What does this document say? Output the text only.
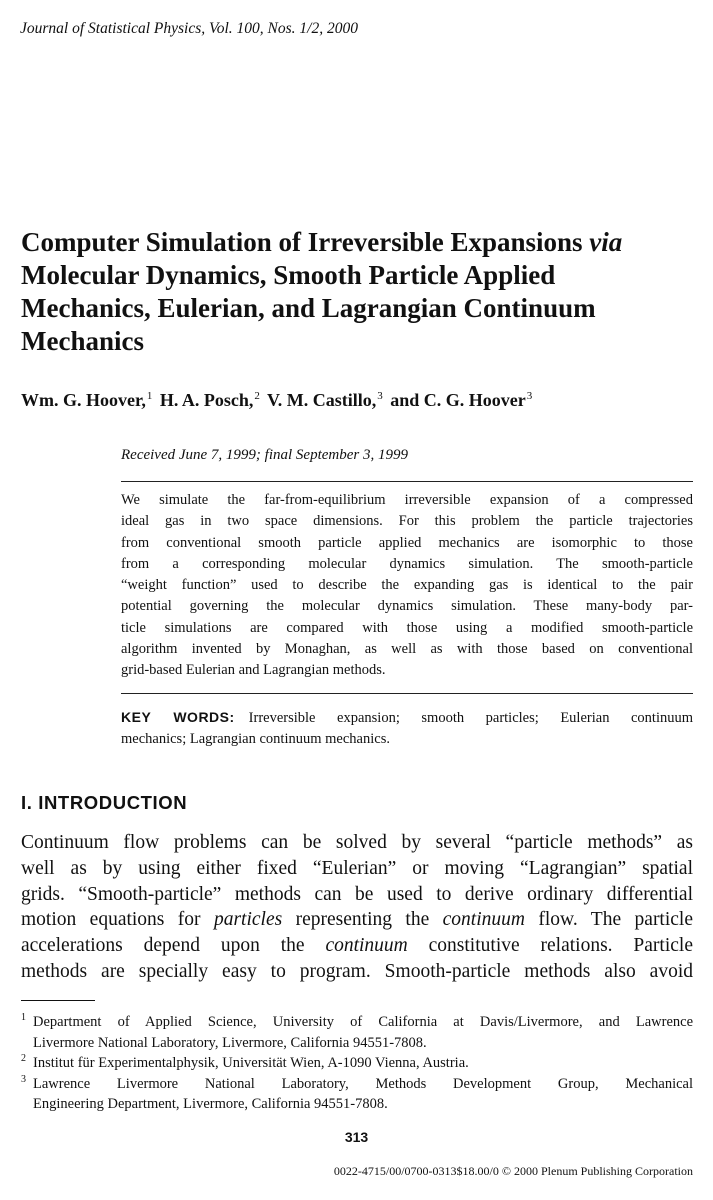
Journal of Statistical Physics, Vol. 100, Nos. 1/2, 2000
Computer Simulation of Irreversible Expansions via
Molecular Dynamics, Smooth Particle Applied
Mechanics, Eulerian, and Lagrangian Continuum
Mechanics
Wm. G. Hoover,$^1$ H. A. Posch,$^2$ V. M. Castillo,$^3$ and C. G. Hoover$^3$
Received June 7, 1999; final September 3, 1999
We simulate the far-from-equilibrium irreversible expansion of a compressed
ideal gas in two space dimensions. For this problem the particle trajectories
from conventional smooth particle applied mechanics are isomorphic to those
from a corresponding molecular dynamics simulation. The smooth-particle
“weight function” used to describe the expanding gas is identical to the pair
potential governing the molecular dynamics simulation. These many-body par-
ticle simulations are compared with those using a modified smooth-particle
algorithm invented by Monaghan, as well as with those based on conventional
grid-based Eulerian and Lagrangian methods.
KEY WORDS: Irreversible expansion; smooth particles; Eulerian continuum
mechanics; Lagrangian continuum mechanics.
I. INTRODUCTION
Continuum flow problems can be solved by several “particle methods” as
well as by using either fixed “Eulerian” or moving “Lagrangian” spatial
grids. “Smooth-particle” methods can be used to derive ordinary differential
motion equations for particles representing the continuum flow. The particle
accelerations depend upon the continuum constitutive relations. Particle
methods are specially easy to program. Smooth-particle methods also avoid
1 Department of Applied Science, University of California at Davis/Livermore, and Lawrence
Livermore National Laboratory, Livermore, California 94551-7808.
2 Institut für Experimentalphysik, Universität Wien, A-1090 Vienna, Austria.
3 Lawrence Livermore National Laboratory, Methods Development Group, Mechanical
Engineering Department, Livermore, California 94551-7808.
313
0022-4715/00/0700-0313$18.00/0 © 2000 Plenum Publishing Corporation
